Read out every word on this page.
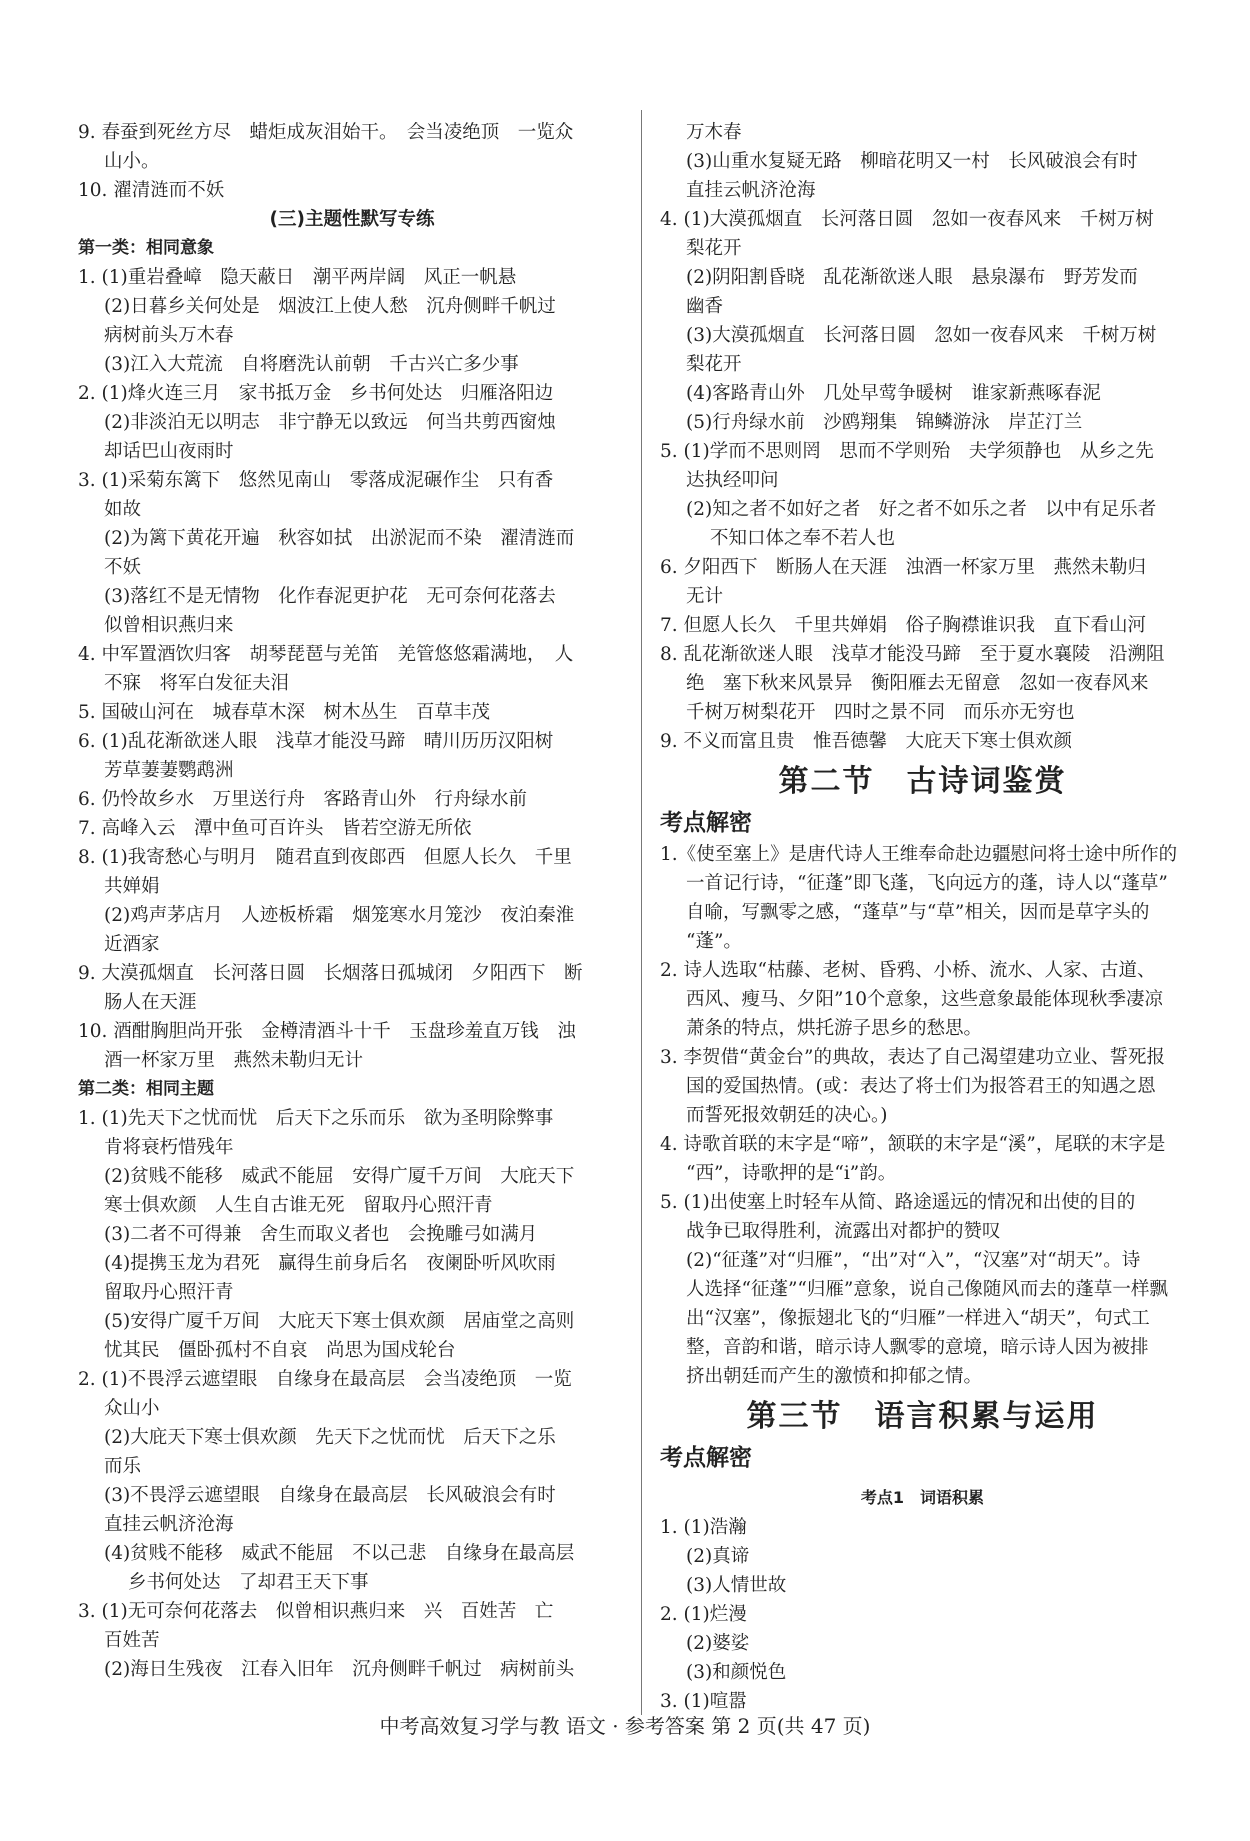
9. 春蚕到死丝方尽　蜡炬成灰泪始干。　会当凌绝顶　一览众
山小。
10. 濯清涟而不妖
(三)主题性默写专练
第一类：相同意象
1. (1)重岩叠嶂　隐天蔽日　潮平两岸阔　风正一帆悬
(2)日暮乡关何处是　烟波江上使人愁　沉舟侧畔千帆过
病树前头万木春
(3)江入大荒流　自将磨洗认前朝　千古兴亡多少事
2. (1)烽火连三月　家书抵万金　乡书何处达　归雁洛阳边
(2)非淡泊无以明志　非宁静无以致远　何当共剪西窗烛
却话巴山夜雨时
3. (1)采菊东篱下　悠然见南山　零落成泥碾作尘　只有香
如故
(2)为篱下黄花开遍　秋容如拭　出淤泥而不染　濯清涟而
不妖
(3)落红不是无情物　化作春泥更护花　无可奈何花落去
似曾相识燕归来
4. 中军置酒饮归客　胡琴琵琶与羌笛　羌管悠悠霜满地，　人
不寐　将军白发征夫泪
5. 国破山河在　城春草木深　树木丛生　百草丰茂
6. (1)乱花渐欲迷人眼　浅草才能没马蹄　晴川历历汉阳树
芳草萋萋鹦鹉洲
6. 仍怜故乡水　万里送行舟　客路青山外　行舟绿水前
7. 高峰入云　潭中鱼可百许头　皆若空游无所依
8. (1)我寄愁心与明月　随君直到夜郎西　但愿人长久　千里
共婵娟
(2)鸡声茅店月　人迹板桥霜　烟笼寒水月笼沙　夜泊秦淮
近酒家
9. 大漠孤烟直　长河落日圆　长烟落日孤城闭　夕阳西下　断
肠人在天涯
10. 酒酣胸胆尚开张　金樽清酒斗十千　玉盘珍羞直万钱　浊
酒一杯家万里　燕然未勒归无计
第二类：相同主题
1. (1)先天下之忧而忧　后天下之乐而乐　欲为圣明除弊事
肯将衰朽惜残年
(2)贫贱不能移　威武不能屈　安得广厦千万间　大庇天下
寒士俱欢颜　人生自古谁无死　留取丹心照汗青
(3)二者不可得兼　舍生而取义者也　会挽雕弓如满月
(4)提携玉龙为君死　赢得生前身后名　夜阑卧听风吹雨
留取丹心照汗青
(5)安得广厦千万间　大庇天下寒士俱欢颜　居庙堂之高则
忧其民　僵卧孤村不自哀　尚思为国戍轮台
2. (1)不畏浮云遮望眼　自缘身在最高层　会当凌绝顶　一览
众山小
(2)大庇天下寒士俱欢颜　先天下之忧而忧　后天下之乐
而乐
(3)不畏浮云遮望眼　自缘身在最高层　长风破浪会有时
直挂云帆济沧海
(4)贫贱不能移　威武不能屈　不以己悲　自缘身在最高层
乡书何处达　了却君王天下事
3. (1)无可奈何花落去　似曾相识燕归来　兴　百姓苦　亡
百姓苦
(2)海日生残夜　江春入旧年　沉舟侧畔千帆过　病树前头
万木春
(3)山重水复疑无路　柳暗花明又一村　长风破浪会有时
直挂云帆济沧海
4. (1)大漠孤烟直　长河落日圆　忽如一夜春风来　千树万树
梨花开
(2)阴阳割昏晓　乱花渐欲迷人眼　悬泉瀑布　野芳发而
幽香
(3)大漠孤烟直　长河落日圆　忽如一夜春风来　千树万树
梨花开
(4)客路青山外　几处早莺争暖树　谁家新燕啄春泥
(5)行舟绿水前　沙鸥翔集　锦鳞游泳　岸芷汀兰
5. (1)学而不思则罔　思而不学则殆　夫学须静也　从乡之先
达执经叩问
(2)知之者不如好之者　好之者不如乐之者　以中有足乐者
不知口体之奉不若人也
6. 夕阳西下　断肠人在天涯　浊酒一杯家万里　燕然未勒归
无计
7. 但愿人长久　千里共婵娟　俗子胸襟谁识我　直下看山河
8. 乱花渐欲迷人眼　浅草才能没马蹄　至于夏水襄陵　沿溯阻
绝　塞下秋来风景异　衡阳雁去无留意　忽如一夜春风来
千树万树梨花开　四时之景不同　而乐亦无穷也
9. 不义而富且贵　惟吾德馨　大庇天下寒士俱欢颜
第二节　古诗词鉴赏
考点解密
1.《使至塞上》是唐代诗人王维奉命赴边疆慰问将士途中所作的
一首记行诗，“征蓬”即飞蓬，飞向远方的蓬，诗人以“蓬草”
自喻，写飘零之感，“蓬草”与“草”相关，因而是草字头的
“蓬”。
2. 诗人选取“枯藤、老树、昏鸦、小桥、流水、人家、古道、
西风、瘦马、夕阳”10个意象，这些意象最能体现秋季凄凉
萧条的特点，烘托游子思乡的愁思。
3. 李贺借“黄金台”的典故，表达了自己渴望建功立业、誓死报
国的爱国热情。(或：表达了将士们为报答君王的知遇之恩
而誓死报效朝廷的决心。)
4. 诗歌首联的末字是“啼”，颔联的末字是“溪”，尾联的末字是
“西”，诗歌押的是“i”韵。
5. (1)出使塞上时轻车从简、路途遥远的情况和出使的目的
战争已取得胜利，流露出对都护的赞叹
(2)“征蓬”对“归雁”，“出”对“入”，“汉塞”对“胡天”。诗
人选择“征蓬”“归雁”意象，说自己像随风而去的蓬草一样飘
出“汉塞”，像振翅北飞的“归雁”一样进入“胡天”，句式工
整，音韵和谐，暗示诗人飘零的意境，暗示诗人因为被排
挤出朝廷而产生的激愤和抑郁之情。
第三节　语言积累与运用
考点解密
考点1　词语积累
1. (1)浩瀚
(2)真谛
(3)人情世故
2. (1)烂漫
(2)婆娑
(3)和颜悦色
3. (1)喧嚣
中考高效复习学与教 语文 · 参考答案 第 2 页(共 47 页)
